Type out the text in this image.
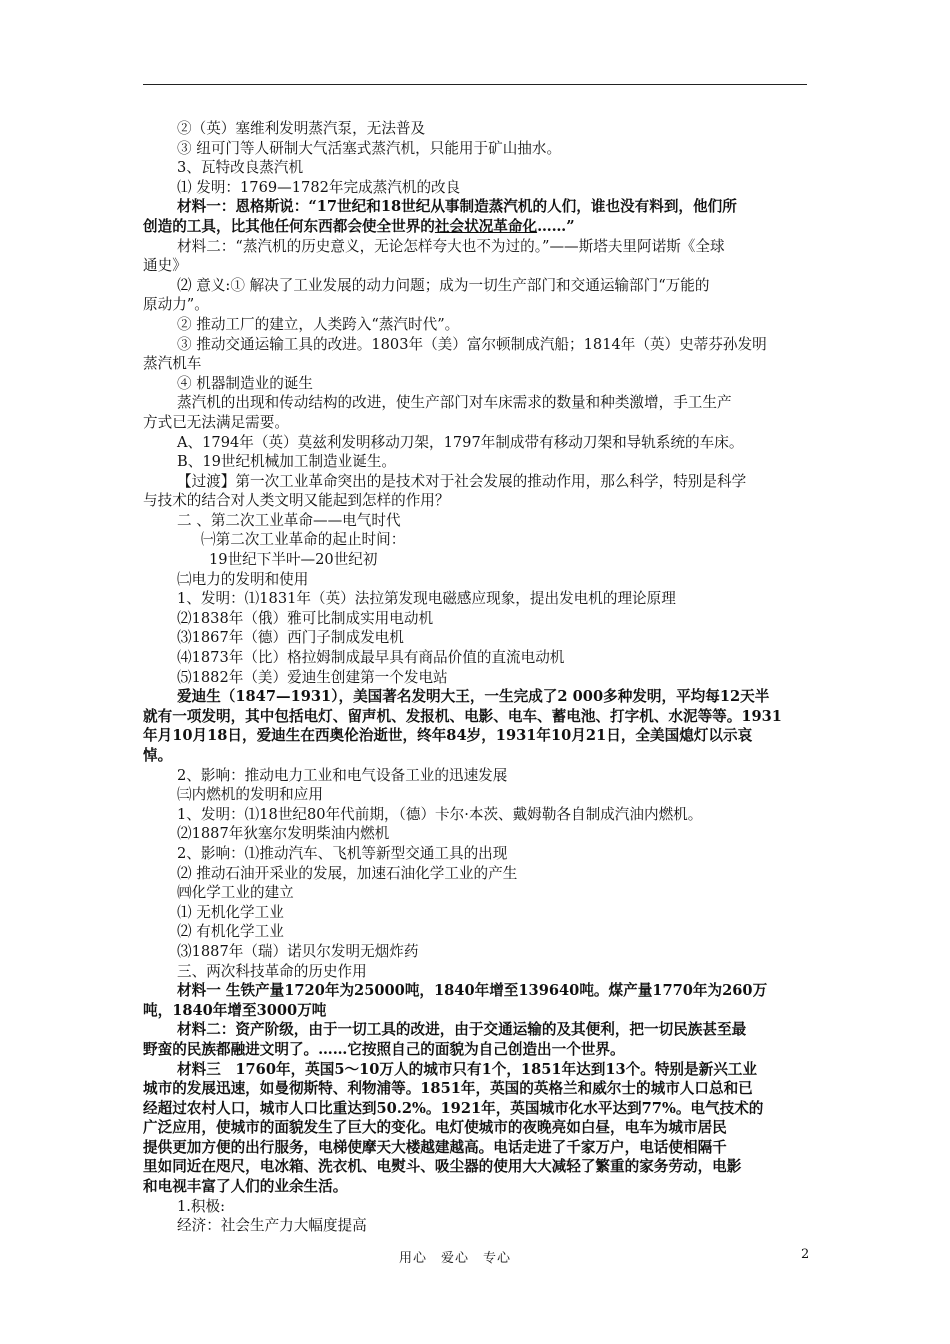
②（英）塞维利发明蒸汽泵，无法普及
③ 纽可门等人研制大气活塞式蒸汽机，只能用于矿山抽水。
3、瓦特改良蒸汽机
⑴ 发明：1769—1782年完成蒸汽机的改良
材料一：恩格斯说：“17世纪和18世纪从事制造蒸汽机的人们，谁也没有料到，他们所
创造的工具，比其他任何东西都会使全世界的社会状况革命化……”
材料二：“蒸汽机的历史意义，无论怎样夸大也不为过的。”——斯塔夫里阿诺斯《全球
通史》
⑵ 意义:① 解决了工业发展的动力问题；成为一切生产部门和交通运输部门“万能的
原动力”。
② 推动工厂的建立，人类跨入“蒸汽时代”。
③ 推动交通运输工具的改进。1803年（美）富尔顿制成汽船；1814年（英）史蒂芬孙发明
蒸汽机车
④ 机器制造业的诞生
蒸汽机的出现和传动结构的改进，使生产部门对车床需求的数量和种类激增，手工生产
方式已无法满足需要。
A、1794年（英）莫兹利发明移动刀架，1797年制成带有移动刀架和导轨系统的车床。
B、19世纪机械加工制造业诞生。
【过渡】第一次工业革命突出的是技术对于社会发展的推动作用，那么科学，特别是科学
与技术的结合对人类文明又能起到怎样的作用？
二 、第二次工业革命——电气时代
㈠第二次工业革命的起止时间：
19世纪下半叶—20世纪初
㈡电力的发明和使用
1、发明：⑴1831年（英）法拉第发现电磁感应现象，提出发电机的理论原理
⑵1838年（俄）雅可比制成实用电动机
⑶1867年（德）西门子制成发电机
⑷1873年（比）格拉姆制成最早具有商品价值的直流电动机
⑸1882年（美）爱迪生创建第一个发电站
爱迪生（1847—1931），美国著名发明大王，一生完成了2 000多种发明，平均每12天半
就有一项发明，其中包括电灯、留声机、发报机、电影、电车、蓄电池、打字机、水泥等等。1931
年月10月18日，爱迪生在西奥伦治逝世，终年84岁，1931年10月21日，全美国熄灯以示哀
悼。
2、影响：推动电力工业和电气设备工业的迅速发展
㈢内燃机的发明和应用
1、发明：⑴18世纪80年代前期，（德）卡尔·本茨、戴姆勒各自制成汽油内燃机。
⑵1887年狄塞尔发明柴油内燃机
2、影响：⑴推动汽车、飞机等新型交通工具的出现
⑵ 推动石油开采业的发展，加速石油化学工业的产生
㈣化学工业的建立
⑴ 无机化学工业
⑵ 有机化学工业
⑶1887年（瑞）诺贝尔发明无烟炸药
三、两次科技革命的历史作用
材料一 生铁产量1720年为25000吨，1840年增至139640吨。煤产量1770年为260万
吨，1840年增至3000万吨
材料二：资产阶级，由于一切工具的改进，由于交通运输的及其便利，把一切民族甚至最
野蛮的民族都融进文明了。……它按照自己的面貌为自己创造出一个世界。
材料三　1760年，英国5～10万人的城市只有1个，1851年达到13个。特别是新兴工业
城市的发展迅速，如曼彻斯特、利物浦等。1851年，英国的英格兰和威尔士的城市人口总和已
经超过农村人口，城市人口比重达到50.2%。1921年，英国城市化水平达到77%。电气技术的
广泛应用，使城市的面貌发生了巨大的变化。电灯使城市的夜晚亮如白昼，电车为城市居民
提供更加方便的出行服务，电梯使摩天大楼越建越高。电话走进了千家万户，电话使相隔千
里如同近在咫尺，电冰箱、洗衣机、电熨斗、吸尘器的使用大大减轻了繁重的家务劳动，电影
和电视丰富了人们的业余生活。
1.积极:
经济：社会生产力大幅度提高
用心　爱心　专心	2
